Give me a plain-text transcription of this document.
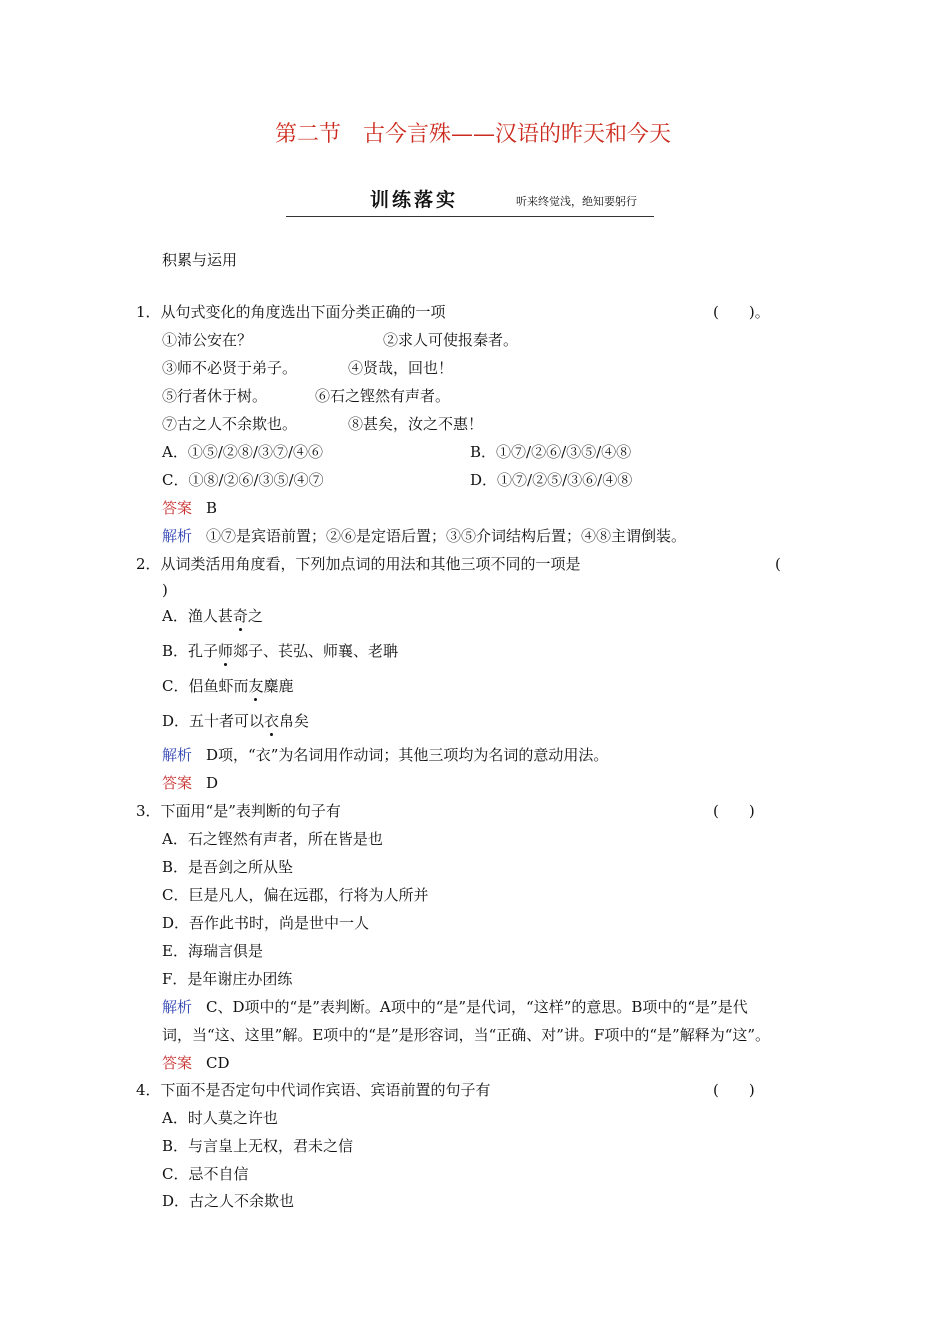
第二节　古今言殊——汉语的昨天和今天
训练落实	听来终觉浅，绝知要躬行
积累与运用
1．从句式变化的角度选出下面分类正确的一项	(　　)。
①沛公安在？	②求人可使报秦者。
③师不必贤于弟子。	④贤哉，回也！
⑤行者休于树。	⑥石之铿然有声者。
⑦古之人不余欺也。	⑧甚矣，汝之不惠！
A．①⑤/②⑧/③⑦/④⑥	B．①⑦/②⑥/③⑤/④⑧
C．①⑧/②⑥/③⑤/④⑦	D．①⑦/②⑤/③⑥/④⑧
答案 B
解析 ①⑦是宾语前置；②⑥是定语后置；③⑤介词结构后置；④⑧主谓倒装。
2．从词类活用角度看，下列加点词的用法和其他三项不同的一项是	(
)
A．渔人甚奇之
B．孔子师郯子、苌弘、师襄、老聃
C．侣鱼虾而友麋鹿
D．五十者可以衣帛矣
解析 D项，“衣”为名词用作动词；其他三项均为名词的意动用法。
答案 D
3．下面用“是”表判断的句子有	(　　)
A．石之铿然有声者，所在皆是也
B．是吾剑之所从坠
C．巨是凡人，偏在远郡，行将为人所并
D．吾作此书时，尚是世中一人
E．海瑞言俱是
F．是年谢庄办团练
解析 C、D项中的“是”表判断。A项中的“是”是代词，“这样”的意思。B项中的“是”是代
词，当“这、这里”解。E项中的“是”是形容词，当“正确、对”讲。F项中的“是”解释为“这”。
答案 CD
4．下面不是否定句中代词作宾语、宾语前置的句子有	(　　)
A．时人莫之许也
B．与言皇上无权，君未之信
C．忌不自信
D．古之人不余欺也
